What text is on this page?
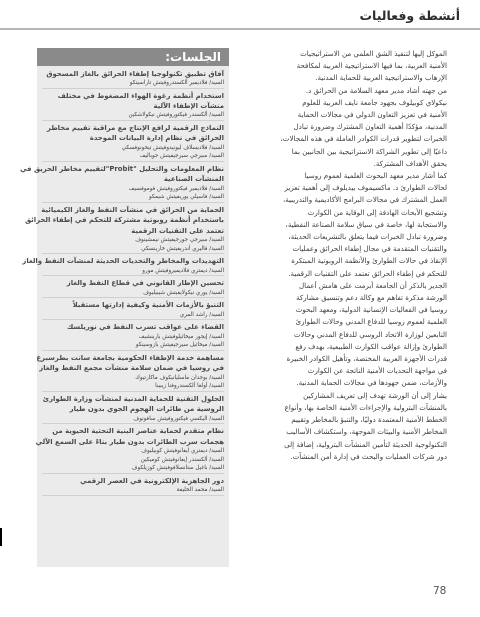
أنشطة وفعاليات
الجلسات:

آفاق تطبيق تكنولوجيا إطفاء الحرائق بالغاز المسحوق

السيد/ فلاديمير ألكسندروفيتش تاراسينكو

استخدام أنظمة رغوة الهواء المضغوط في مختلف
منشآت الإطفاء الآلية

السيد/ ألكسندر فيكتوروفيتش نيكولاشكين

النماذج الرقمية لرافع الإنتاج مع مراقبة تقييم مخاطر
الحرائق في نظام إدارة البيانات الموحدة

السيد/ فلاديسلاف ليونيدوفيتش تيخونوفسكي
السيد/ سيرجي سيرجيفيتش جوباليف

نظام المعلومات والتحليل "Probit"لتقييم مخاطر الحريق في
المنشآت الصناعية

السيد/ فلاديمير فيكتوروفيتش فوموفسيف
السيد/ فاسيلي يوريفيتش شيمكو

الحماية من الحرائق في منشآت النفط والغاز الكيميائية
باستخدام أنظمة روبوتية مشتركة للتحكم في إطفاء الحرائق
تعتمد على التقنيات الرقمية

السيد/ سيرجي جورجيفيتش نيمشينوف
السيد/ فاليري أندريفيتش خارينسكي

التهديدات والمخاطر والتحديات الحديثة لمنشآت النفط والغاز

السيد/ ديمتري فلاديميروفيتش مورو

تحسين الإطار القانوني في قطاع النفط والغاز

السيد/ يوري نيكولايفيتش شيبيليوف

التنبؤ بالأزمات الأمنية وكيفية إدارتها مستقبلاً

السيد/ راشد المري

القضاء على عواقب تسرب النفط في نوريلسك

السيد/ إيجور ميخائيلوفيتش بارينشيف
السيد/ ميخائيل سيرجيفيتش بازوسينكو

مساهمة خدمة الإطفاء الحكومية بجامعة سانت بطرسبرغ
في روسيا في ضمان سلامة منشآت مجمع النفط والغاز

السيد/ بوجدان ماسليانيكوف ماكارتيوك
السيد/ أولغا ألكسندروفنا زيبينا

الحلول التقنية للحماية المدنية لمنشآت وزارة الطوارئ
الروسية من طائرات الهجوم الجوي بدون طيار

السيد/ اليكسي فيكتوروفيتش سافونوف

نظام متقدم لحماية عناصر البنية التحتية الحيوية من
هجمات سرب الطائرات بدون طيار بناءً على السمع الآلي

السيد/ ديمتري ايفانوفيتش كوبيليوف
السيد/ ألكسندر إيفانوفيتش كوميكين
السيد/ باغيل ستانسلافوفيتش كوزيلكوف

دور الجاهزية الإلكترونية في العصر الرقمي

السيد/ محمد الخليفة

الموكل إليها لتنفيذ الشق العلمي من الاستراتيجيات
الأمنية العربية، بما فيها الاستراتيجية العربية لمكافحة
الإرهاب والاستراتيجية العربية للحماية المدنية.

من جهته أشاد مدير معهد السلامة من الحرائق د.
نيكولاي كوبيلوف بجهود جامعة نايف العربية للعلوم
الأمنية في تعزيز التعاون الدولي في مجالات الحماية
المدنية، مؤكدًا أهمية التعاون المشترك وضرورة تبادل
الخبرات لتطوير قدرات الكوادر العاملة في هذه المجالات،
داعيًا إلى تطوير الشراكة الاستراتيجية بين الجانبين بما
يحقق الأهداف المشتركة.

كما أشار مدير معهد البحوث العلمية لعموم روسيا
لحالات الطوارئ د. ماكسيموف بيديلوف إلى أهمية تعزيز
العمل المشترك في مجالات البرامج الأكاديمية والتدريبية،
وتشجيع الأبحاث الهادفة إلى الوقاية من الكوارث
والاستجابة لها، خاصة في سياق سلامة الصناعة النفطية،
وضرورة تبادل الخبرات فيما يتعلق بالتشريعات الحديثة،
والتقنيات المتقدمة في مجال إطفاء الحرائق وعمليات
الإنقاذ في حالات الطوارئ والأنظمة الروبوتية المبتكرة
للتحكم في إطفاء الحرائق تعتمد على التقنيات الرقمية.

الجدير بالذكر أن الجامعة أبرمت على هامش أعمال
الورشة مذكرة تفاهم مع وكالة دعم وتنسيق مشاركة
روسيا في الفعاليات الإنسانية الدولية، ومعهد البحوث
العلمية لعموم روسيا للدفاع المدني وحالات الطوارئ
التابعين لوزارة الاتحاد الروسي للدفاع المدني وحالات
الطوارئ وإزالة عواقب الكوارث الطبيعية، بهدف رفع
قدرات الأجهزة العربية المختصة، وتأهيل الكوادر الخبيرة
في مواجهة التحديات الأمنية الناتجة عن الكوارث
والأزمات، ضمن جهودها في مجالات الحماية المدنية.

يشار إلى أن الورشة تهدف إلى تعريف المشاركين
بالمنشآت البترولية والإجراءات الأمنية الخاصة بها، وأنواع
الخطط الأمنية المعتمدة دوليًا، والتنبؤ بالمخاطر وتقييم
المخاطر الأمنية والبيئات الموجهة، واستكشاف الأساليب
التكنولوجية الحديثة لتأمين المنشآت البترولية، إضافة إلى
دور شركات العمليات والبحث في إدارة أمن المنشآت.

78
